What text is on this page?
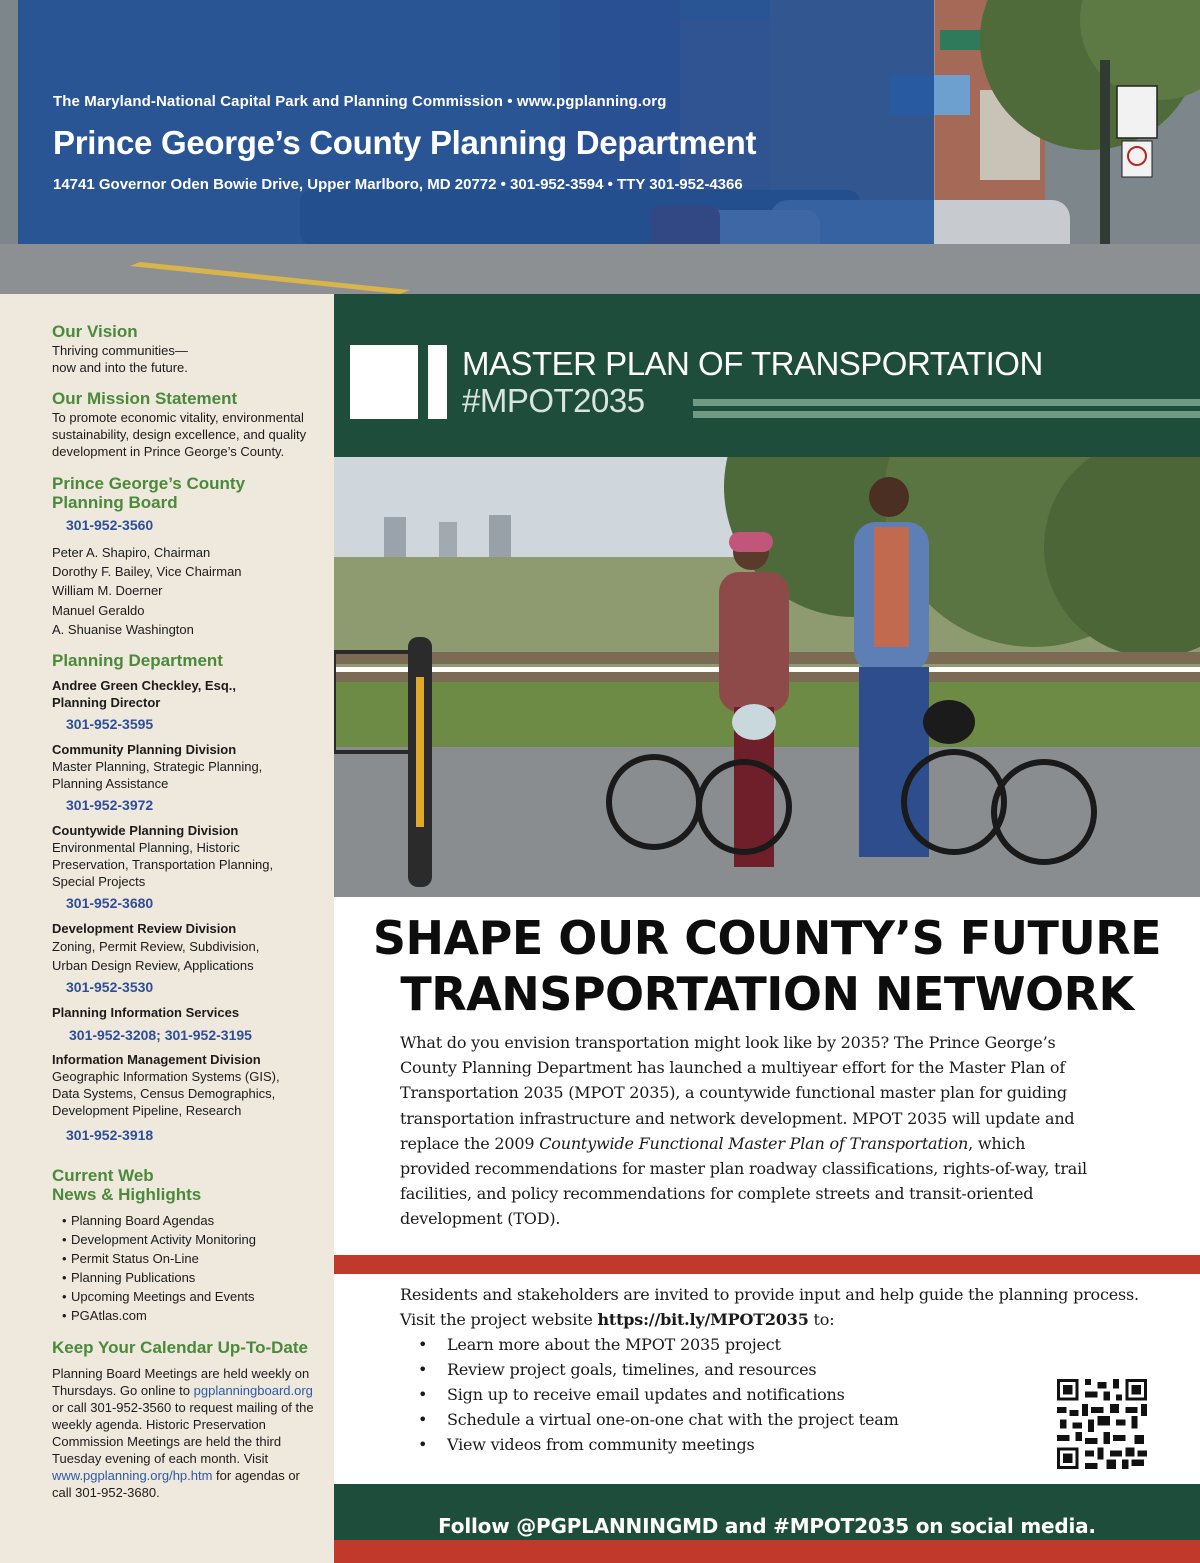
The Maryland-National Capital Park and Planning Commission • www.pgplanning.org
Prince George’s County Planning Department
14741 Governor Oden Bowie Drive, Upper Marlboro, MD 20772 • 301-952-3594 • TTY 301-952-4366
Our Vision
Thriving communities—
now and into the future.
Our Mission Statement
To promote economic vitality, environmental sustainability, design excellence, and quality development in Prince George’s County.
Prince George’s County
Planning Board
301-952-3560
Peter A. Shapiro, Chairman
Dorothy F. Bailey, Vice Chairman
William M. Doerner
Manuel Geraldo
A. Shuanise Washington
Planning Department
Andree Green Checkley, Esq.,
Planning Director
301-952-3595
Community Planning Division
Master Planning, Strategic Planning, Planning Assistance
301-952-3972
Countywide Planning Division
Environmental Planning, Historic Preservation, Transportation Planning, Special Projects
301-952-3680
Development Review Division
Zoning, Permit Review, Subdivision, Urban Design Review, Applications
301-952-3530
Planning Information Services
301-952-3208; 301-952-3195
Information Management Division
Geographic Information Systems (GIS), Data Systems, Census Demographics, Development Pipeline, Research
301-952-3918
Current Web
News & Highlights
• Planning Board Agendas
• Development Activity Monitoring
• Permit Status On-Line
• Planning Publications
• Upcoming Meetings and Events
• PGAtlas.com
Keep Your Calendar Up-To-Date
Planning Board Meetings are held weekly on Thursdays. Go online to pgplanningboard.org or call 301-952-3560 to request mailing of the weekly agenda. Historic Preservation Commission Meetings are held the third Tuesday evening of each month. Visit www.pgplanning.org/hp.htm for agendas or call 301-952-3680.
MASTER PLAN OF TRANSPORTATION
#MPOT2035
SHAPE OUR COUNTY’S FUTURE
TRANSPORTATION NETWORK
What do you envision transportation might look like by 2035? The Prince George’s County Planning Department has launched a multiyear effort for the Master Plan of Transportation 2035 (MPOT 2035), a countywide functional master plan for guiding transportation infrastructure and network development. MPOT 2035 will update and replace the 2009 Countywide Functional Master Plan of Transportation, which provided recommendations for master plan roadway classifications, rights-of-way, trail facilities, and policy recommendations for complete streets and transit-oriented development (TOD).
Residents and stakeholders are invited to provide input and help guide the planning process. Visit the project website https://bit.ly/MPOT2035 to:
• Learn more about the MPOT 2035 project
• Review project goals, timelines, and resources
• Sign up to receive email updates and notifications
• Schedule a virtual one-on-one chat with the project team
• View videos from community meetings
Follow @PGPLANNINGMD and #MPOT2035 on social media.
